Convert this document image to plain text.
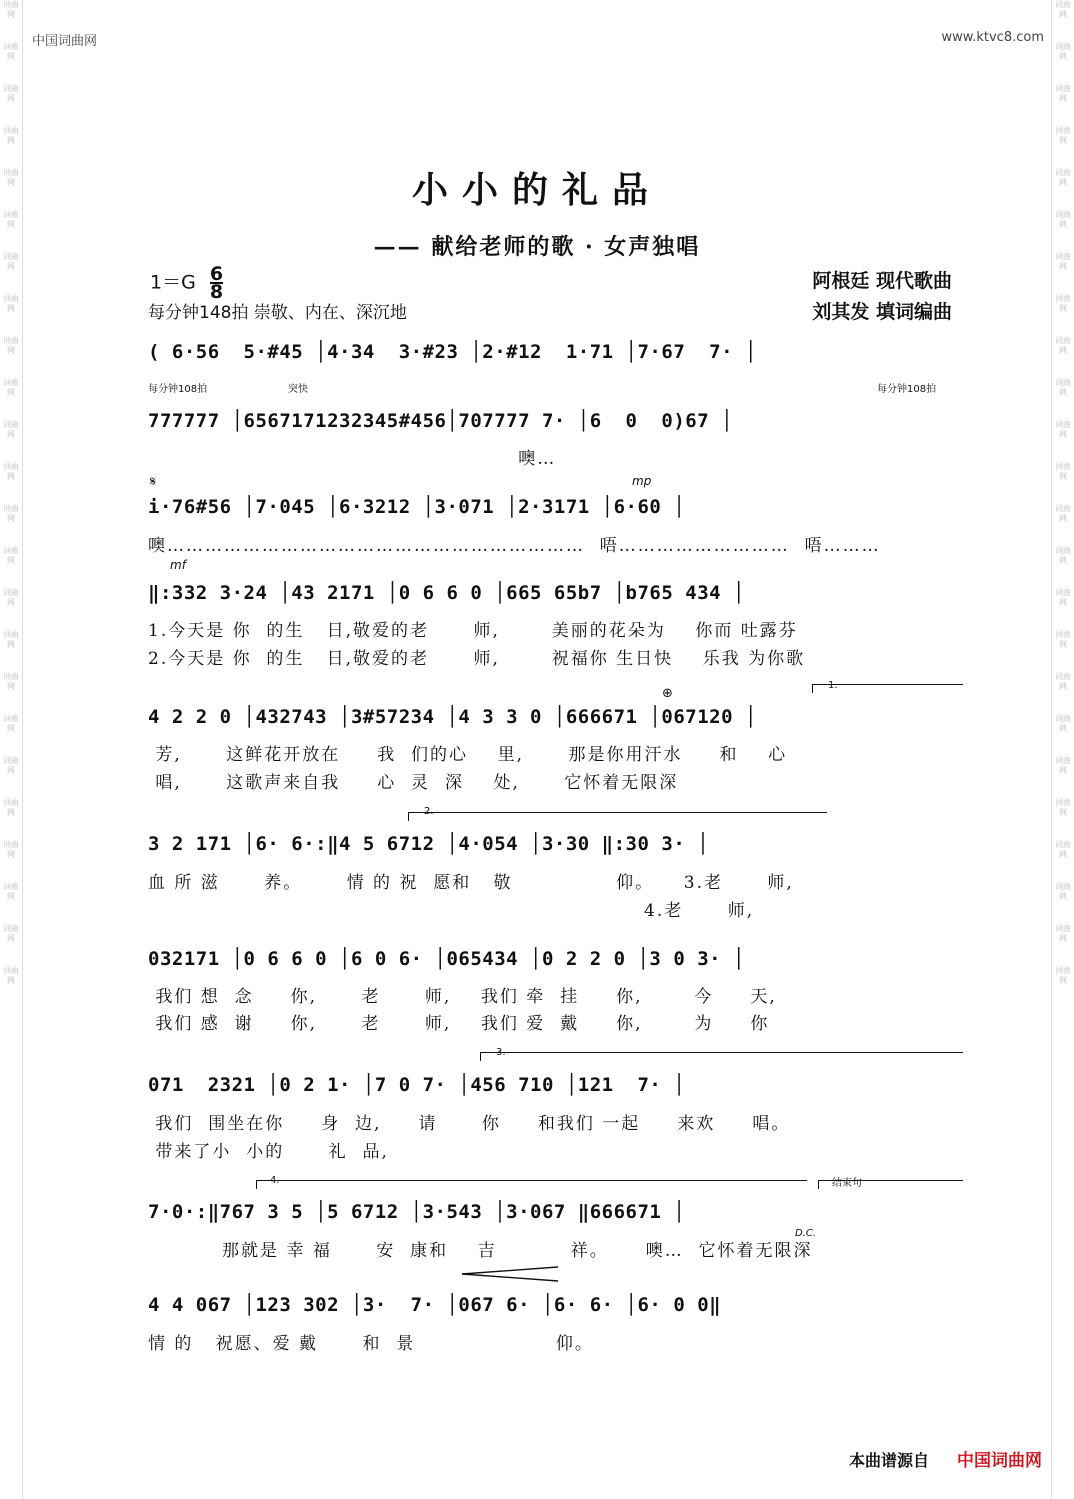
词曲网
词曲网
词曲网
词曲网
词曲网
词曲网
词曲网
词曲网
词曲网
词曲网
词曲网
词曲网
词曲网
词曲网
词曲网
词曲网
词曲网
词曲网
词曲网
词曲网
词曲网
词曲网
词曲网
词曲网
词曲网
词曲网
词曲网
词曲网
词曲网
词曲网
词曲网
词曲网
词曲网
词曲网
词曲网
词曲网
词曲网
词曲网
词曲网
词曲网
词曲网
词曲网
词曲网
词曲网
词曲网
词曲网
词曲网
词曲网
中国词曲网	www.ktvc8.com
小小的礼品
—— 献给老师的歌 · 女声独唱
$1=G \frac{6}{8}$
每分钟148拍 崇敬、内在、深沉地
阿根廷 现代歌曲
刘其发 填词编曲
( 6·56  5·#45 │4·34  3·#23 │2·#12  1·71 │7·67  7· │
每分钟108拍	突快	每分钟108拍
777777 │6567171232345#456│707777 7· │6  0  0)67 │
噢…
𝄋	mp
i·76#56 │7·045 │6·3212 │3·071 │2·3171 │6·60 │
噢…………………………………………………………  唔………………………  唔………
mf
‖:332 3·24 │43 2171 │0 6 6 0 │665 65b7 │b765 434 │
1.今天是 你  的生   日,敬爱的老      师,       美丽的花朵为    你而 吐露芬
2.今天是 你  的生   日,敬爱的老      师,       祝福你 生日快    乐我 为你歌
⊕
1.
4 2 2 0 │432743 │3#57234 │4 3 3 0 │666671 │067120 │
芳,      这鲜花开放在     我  们的心    里,      那是你用汗水     和    心
唱,      这歌声来自我     心  灵  深    处,      它怀着无限深
2.
3 2 171 │6· 6·:‖4 5 6712 │4·054 │3·30 ‖:30 3· │
血 所 滋      养。      情 的 祝  愿和   敬              仰。    3.老      师,
4.老      师,
032171 │0 6 6 0 │6 0 6· │065434 │0 2 2 0 │3 0 3· │
我们 想  念     你,      老      师,    我们 牵  挂     你,       今     天,
我们 感  谢     你,      老      师,    我们 爱  戴     你,       为     你
3.
071  2321 │0 2 1· │7 0 7· │456 710 │121  7· │
我们  围坐在你     身  边,     请      你     和我们 一起     来欢     唱。
带来了小  小的      礼  品,
4.	结束句
7·0·:‖767 3 5 │5 6712 │3·543 │3·067 ‖666671 │
D.C.
那就是 幸 福      安  康和    吉          祥。     噢…  它怀着无限深
4 4 067 │123 302 │3·  7· │067 6· │6· 6· │6· 0 0‖
情 的   祝愿、爱 戴      和  景                   仰。
本曲谱源自 中国词曲网
